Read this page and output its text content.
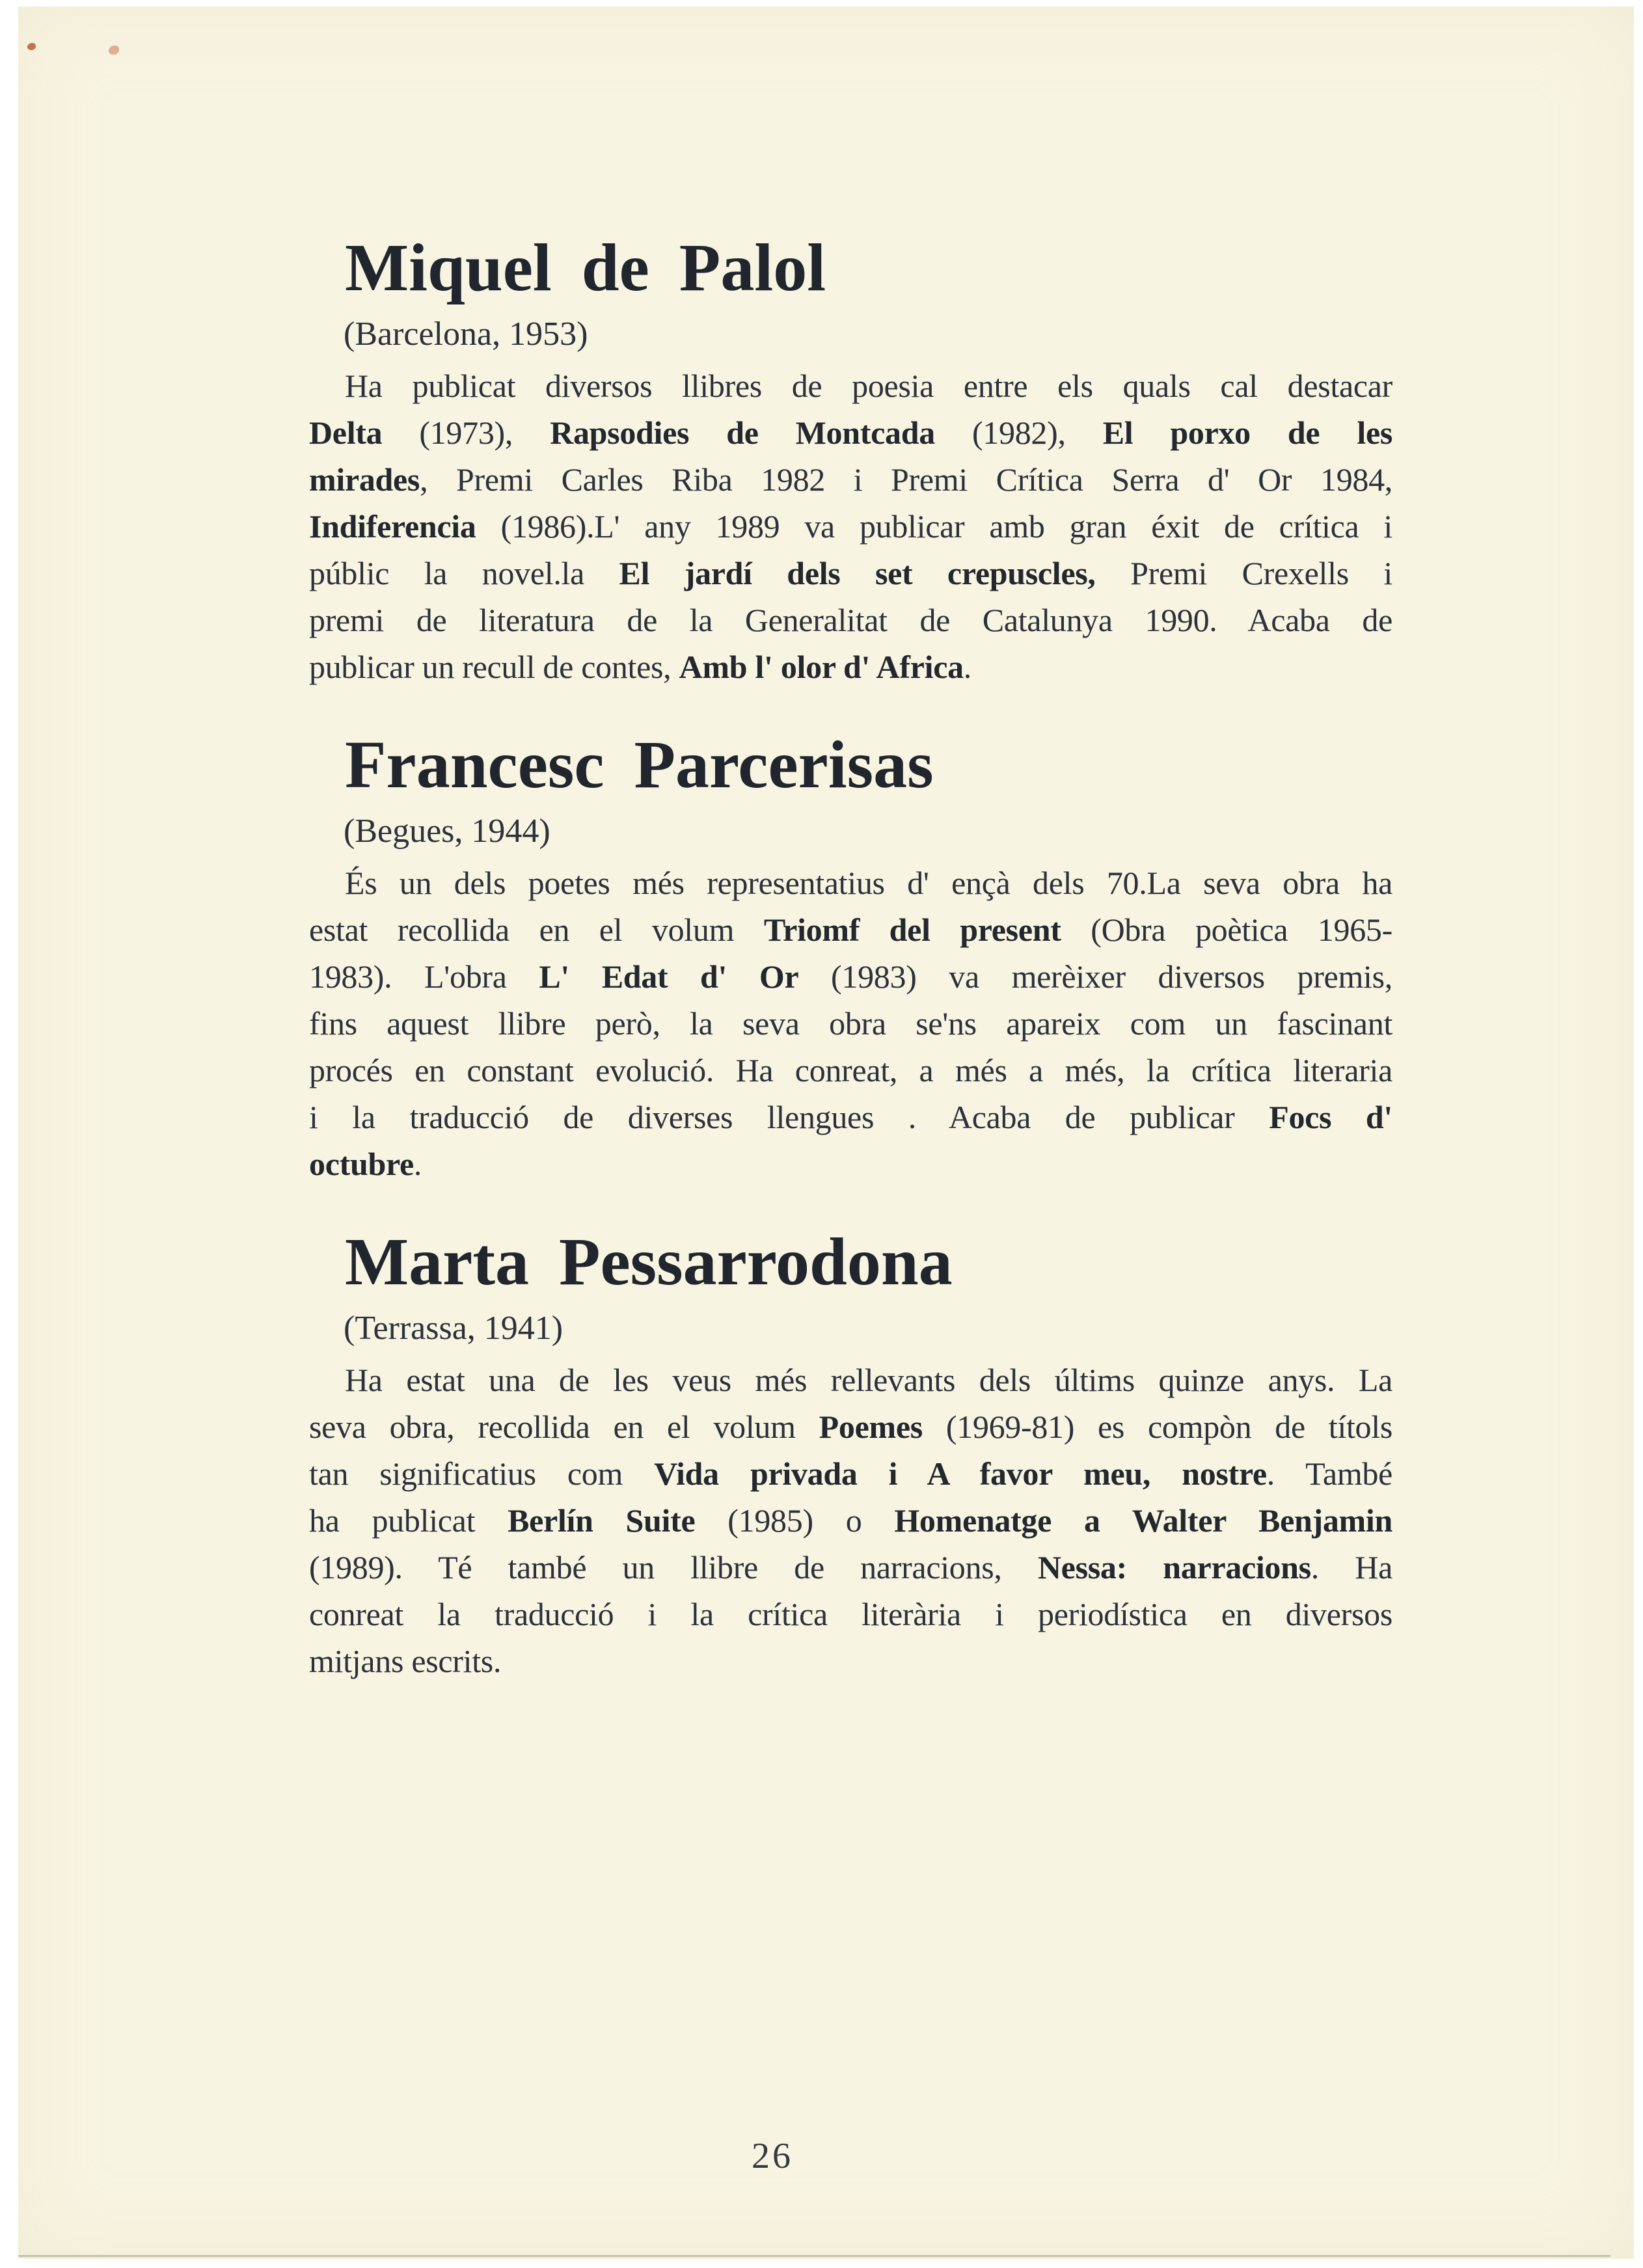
Miquel de Palol
(Barcelona, 1953)
Ha publicat diversos llibres de poesia entre els quals cal destacar
Delta (1973), Rapsodies de Montcada (1982), El porxo de les
mirades, Premi Carles Riba 1982 i Premi Crítica Serra d' Or 1984,
Indiferencia (1986).L' any 1989 va publicar amb gran éxit de crítica i
públic la novel.la El jardí dels set crepuscles, Premi Crexells i
premi de literatura de la Generalitat de Catalunya 1990. Acaba de
publicar un recull de contes, Amb l' olor d' Africa.
Francesc Parcerisas
(Begues, 1944)
És un dels poetes més representatius d' ençà dels 70.La seva obra ha
estat recollida en el volum Triomf del present (Obra poètica 1965-
1983). L'obra L' Edat d' Or (1983) va merèixer diversos premis,
fins aquest llibre però, la seva obra se'ns apareix com un fascinant
procés en constant evolució. Ha conreat, a més a més, la crítica literaria
i la traducció de diverses llengues . Acaba de publicar Focs d'
octubre.
Marta Pessarrodona
(Terrassa, 1941)
Ha estat una de les veus més rellevants dels últims quinze anys. La
seva obra, recollida en el volum Poemes (1969-81) es compòn de títols
tan significatius com Vida privada i A favor meu, nostre. També
ha publicat Berlín Suite (1985) o Homenatge a Walter Benjamin
(1989). Té també un llibre de narracions, Nessa: narracions. Ha
conreat la traducció i la crítica literària i periodística en diversos
mitjans escrits.
26
